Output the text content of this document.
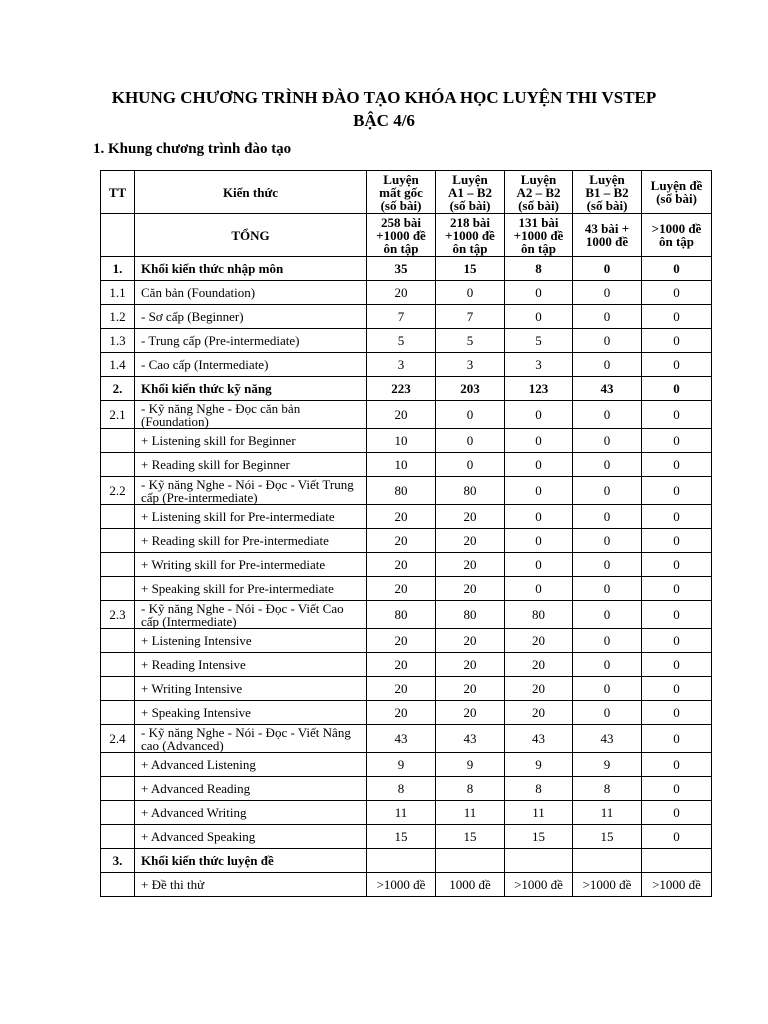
KHUNG CHƯƠNG TRÌNH ĐÀO TẠO KHÓA HỌC LUYỆN THI VSTEP
BẬC 4/6
1. Khung chương trình đào tạo
TT	Kiến thức	Luyện
mất gốc
(số bài)	Luyện
A1 – B2
(số bài)	Luyện
A2 – B2
(số bài)	Luyện
B1 – B2
(số bài)	Luyện đề
(số bài)
	TỔNG	258 bài
+1000 đề
ôn tập	218 bài
+1000 đề
ôn tập	131 bài
+1000 đề
ôn tập	43 bài +
1000 đề	>1000 đề
ôn tập
1.	Khối kiến thức nhập môn	35	15	8	0	0
1.1	Căn bản (Foundation)	20	0	0	0	0
1.2	- Sơ cấp (Beginner)	7	7	0	0	0
1.3	- Trung cấp (Pre-intermediate)	5	5	5	0	0
1.4	- Cao cấp (Intermediate)	3	3	3	0	0
2.	Khối kiến thức kỹ năng	223	203	123	43	0
2.1	- Kỹ năng Nghe - Đọc căn bản
(Foundation)	20	0	0	0	0
	+ Listening skill for Beginner	10	0	0	0	0
	+ Reading skill for Beginner	10	0	0	0	0
2.2	- Kỹ năng Nghe - Nói - Đọc - Viết Trung
cấp (Pre-intermediate)	80	80	0	0	0
	+ Listening skill for Pre-intermediate	20	20	0	0	0
	+ Reading skill for Pre-intermediate	20	20	0	0	0
	+ Writing skill for Pre-intermediate	20	20	0	0	0
	+ Speaking skill for Pre-intermediate	20	20	0	0	0
2.3	- Kỹ năng Nghe - Nói - Đọc - Viết Cao
cấp (Intermediate)	80	80	80	0	0
	+ Listening Intensive	20	20	20	0	0
	+ Reading Intensive	20	20	20	0	0
	+ Writing Intensive	20	20	20	0	0
	+ Speaking Intensive	20	20	20	0	0
2.4	- Kỹ năng Nghe - Nói - Đọc - Viết Nâng
cao (Advanced)	43	43	43	43	0
	+ Advanced Listening	9	9	9	9	0
	+ Advanced Reading	8	8	8	8	0
	+ Advanced Writing	11	11	11	11	0
	+ Advanced Speaking	15	15	15	15	0
3.	Khối kiến thức luyện đề					
	+ Đề thi thử	>1000 đề	1000 đề	>1000 đề	>1000 đề	>1000 đề
